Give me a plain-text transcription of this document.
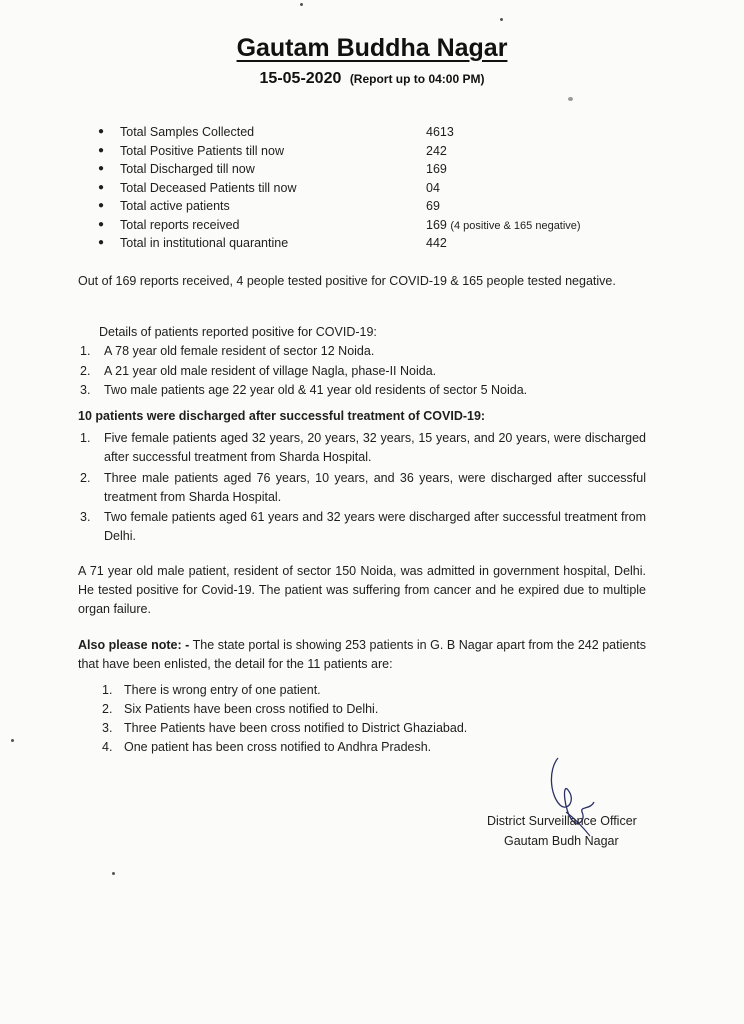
Gautam Buddha Nagar
15-05-2020 (Report up to 04:00 PM)
● Total Samples Collected	4613
● Total Positive Patients till now	242
● Total Discharged till now	169
● Total Deceased Patients till now	04
● Total active patients	69
● Total reports received	169 (4 positive & 165 negative)
● Total in institutional quarantine	442
Out of 169 reports received, 4 people tested positive for COVID-19 & 165 people tested negative.
Details of patients reported positive for COVID-19:
1. A 78 year old female resident of sector 12 Noida.
2. A 21 year old male resident of village Nagla, phase-II Noida.
3. Two male patients age 22 year old & 41 year old residents of sector 5 Noida.
10 patients were discharged after successful treatment of COVID-19:
1. Five female patients aged 32 years, 20 years, 32 years, 15 years, and 20 years, were discharged after successful treatment from Sharda Hospital.
2. Three male patients aged 76 years, 10 years, and 36 years, were discharged after successful treatment from Sharda Hospital.
3. Two female patients aged 61 years and 32 years were discharged after successful treatment from Delhi.
A 71 year old male patient, resident of sector 150 Noida, was admitted in government hospital, Delhi. He tested positive for Covid-19. The patient was suffering from cancer and he expired due to multiple organ failure.
Also please note: - The state portal is showing 253 patients in G. B Nagar apart from the 242 patients that have been enlisted, the detail for the 11 patients are:
1. There is wrong entry of one patient.
2. Six Patients have been cross notified to Delhi.
3. Three Patients have been cross notified to District Ghaziabad.
4. One patient has been cross notified to Andhra Pradesh.
District Surveillance Officer
Gautam Budh Nagar
